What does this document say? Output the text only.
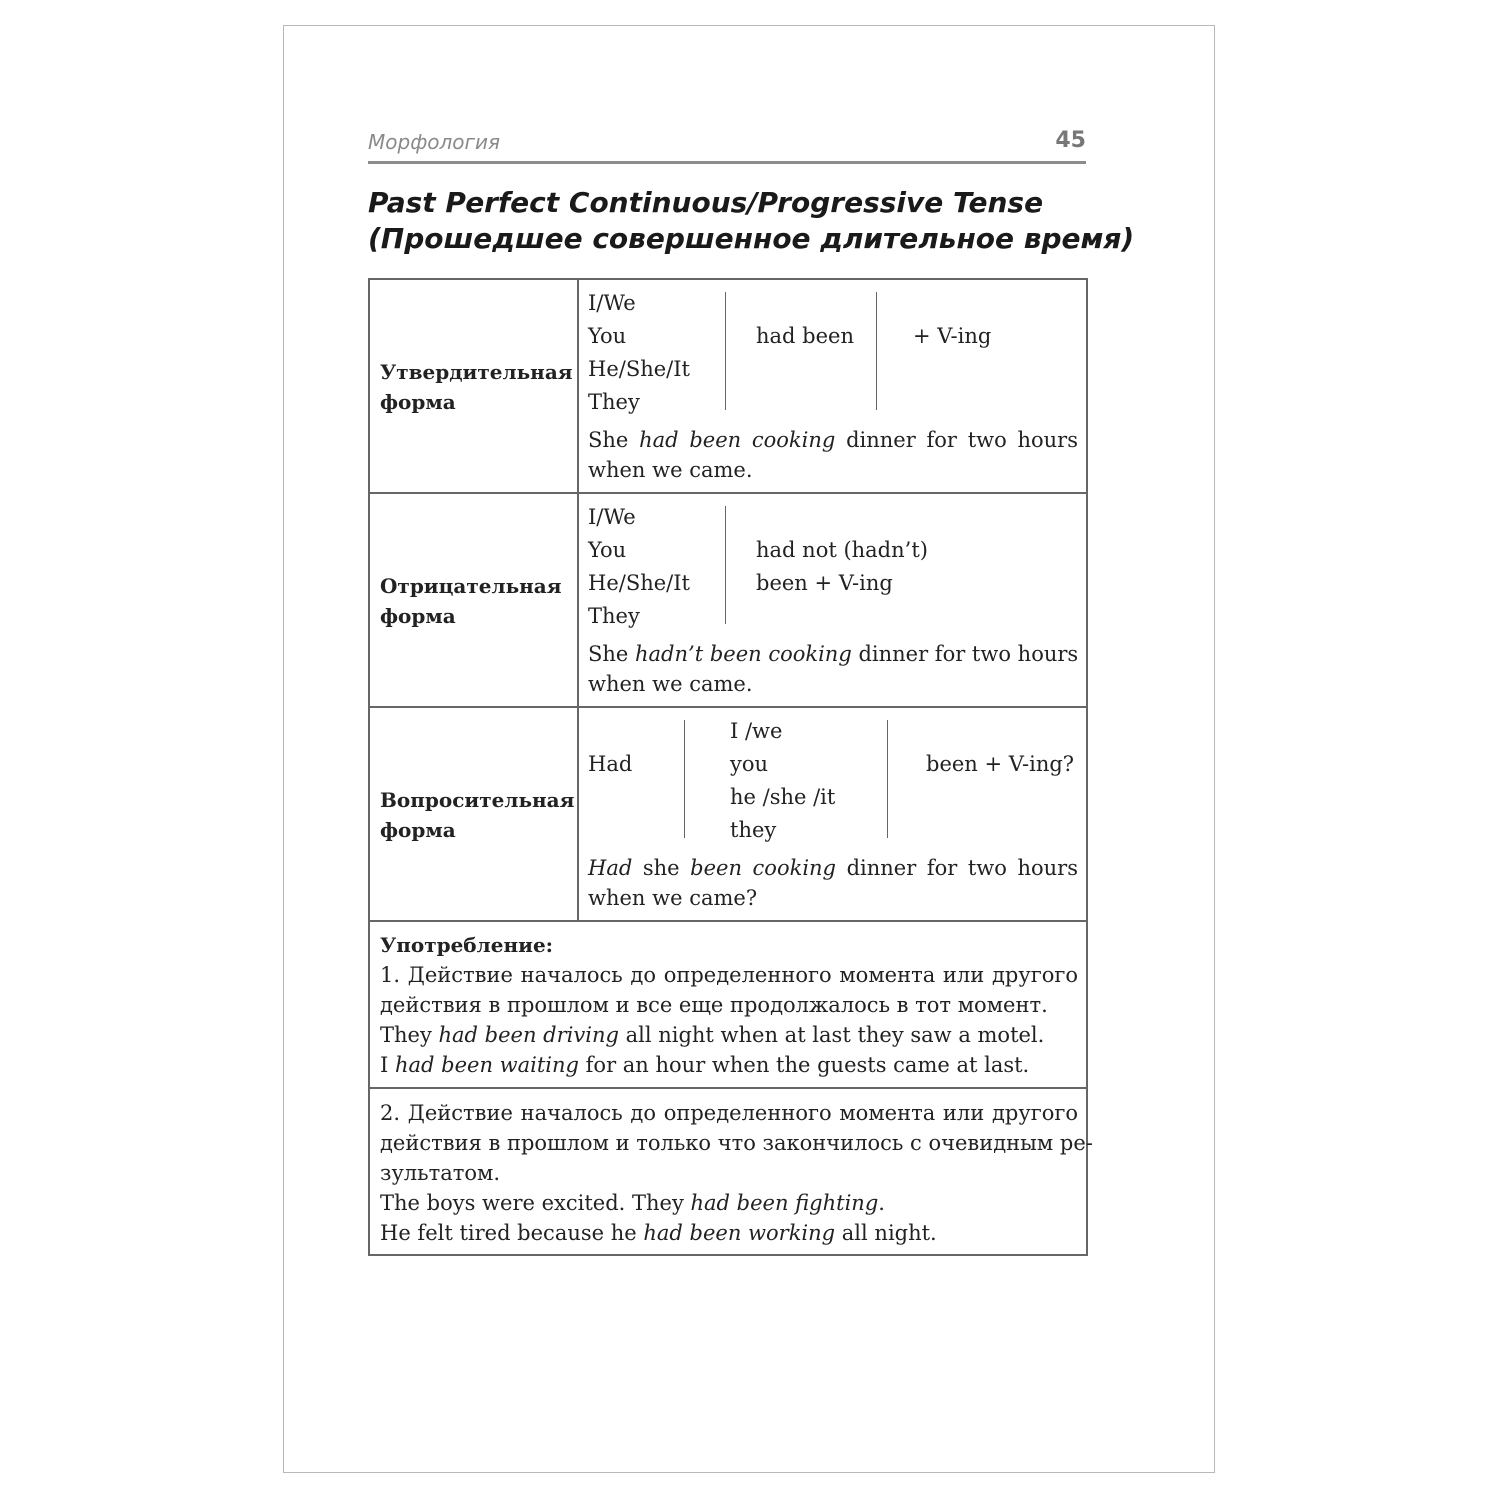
Морфология	45
Past Perfect Continuous/Progressive Tense
(Прошедшее совершенное длительное время)
Утвердительная
форма
I/We
You
He/She/It
They
had been	+ V-ing
She had been cooking dinner for two hours
when we came.
Отрицательная
форма
I/We
You
He/She/It
They
had not (hadn’t)
been + V-ing
She hadn’t been cooking dinner for two hours
when we came.
Вопросительная
форма
Had
I /we
you
he /she /it
they
been + V-ing?
Had she been cooking dinner for two hours
when we came?
Употребление:
1. Действие началось до определенного момента или другого
действия в прошлом и все еще продолжалось в тот момент.
They had been driving all night when at last they saw a motel.
I had been waiting for an hour when the guests came at last.
2. Действие началось до определенного момента или другого
действия в прошлом и только что закончилось с очевидным ре-
зультатом.
The boys were excited. They had been fighting.
He felt tired because he had been working all night.
